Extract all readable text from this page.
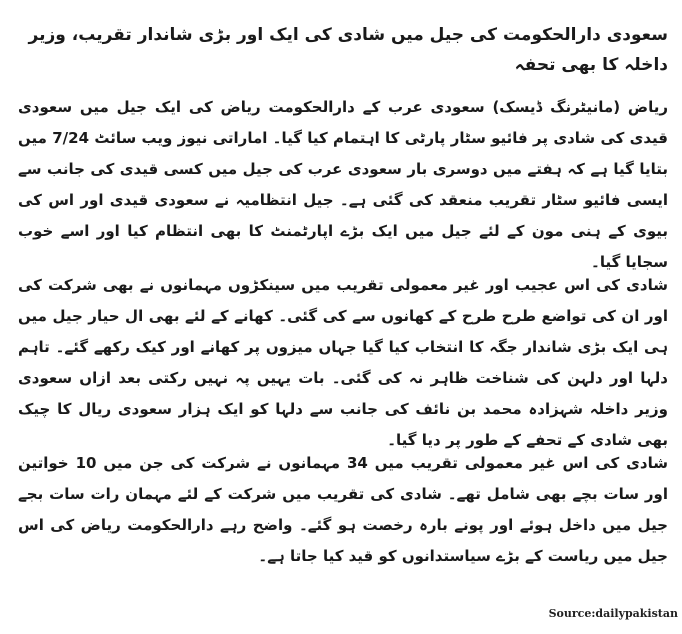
سعودی دارالحکومت کی جیل میں شادی کی ایک اور بڑی شاندار تقریب، وزیر داخلہ کا بھی تحفہ

ریاض (مانیٹرنگ ڈیسک) سعودی عرب کے دارالحکومت ریاض کی ایک جیل میں سعودی قیدی کی شادی پر فائیو سٹار پارٹی کا اہتمام کیا گیا۔ اماراتی نیوز ویب سائٹ 7/24 میں بتایا گیا ہے کہ ہفتے میں دوسری بار سعودی عرب کی جیل میں کسی قیدی کی جانب سے ایسی فائیو سٹار تقریب منعقد کی گئی ہے۔ جیل انتظامیہ نے سعودی قیدی اور اس کی بیوی کے ہنی مون کے لئے جیل میں ایک بڑے اپارٹمنٹ کا بھی انتظام کیا اور اسے خوب سجایا گیا۔

شادی کی اس عجیب اور غیر معمولی تقریب میں سینکڑوں مہمانوں نے بھی شرکت کی اور ان کی تواضع طرح طرح کے کھانوں سے کی گئی۔ کھانے کے لئے بھی ال حیار جیل میں ہی ایک بڑی شاندار جگہ کا انتخاب کیا گیا جہاں میزوں پر کھانے اور کیک رکھے گئے۔ تاہم دلہا اور دلہن کی شناخت ظاہر نہ کی گئی۔ بات یہیں پہ نہیں رکتی بعد ازاں سعودی وزیر داخلہ شہزادہ محمد بن نائف کی جانب سے دلہا کو ایک ہزار سعودی ریال کا چیک بھی شادی کے تحفے کے طور پر دیا گیا۔

شادی کی اس غیر معمولی تقریب میں 34 مہمانوں نے شرکت کی جن میں 10 خواتین اور سات بچے بھی شامل تھے۔ شادی کی تقریب میں شرکت کے لئے مہمان رات سات بجے جیل میں داخل ہوئے اور پونے بارہ رخصت ہو گئے۔ واضح رہے دارالحکومت ریاض کی اس جیل میں ریاست کے بڑے سیاستدانوں کو قید کیا جاتا ہے۔

Source:dailypakistan
